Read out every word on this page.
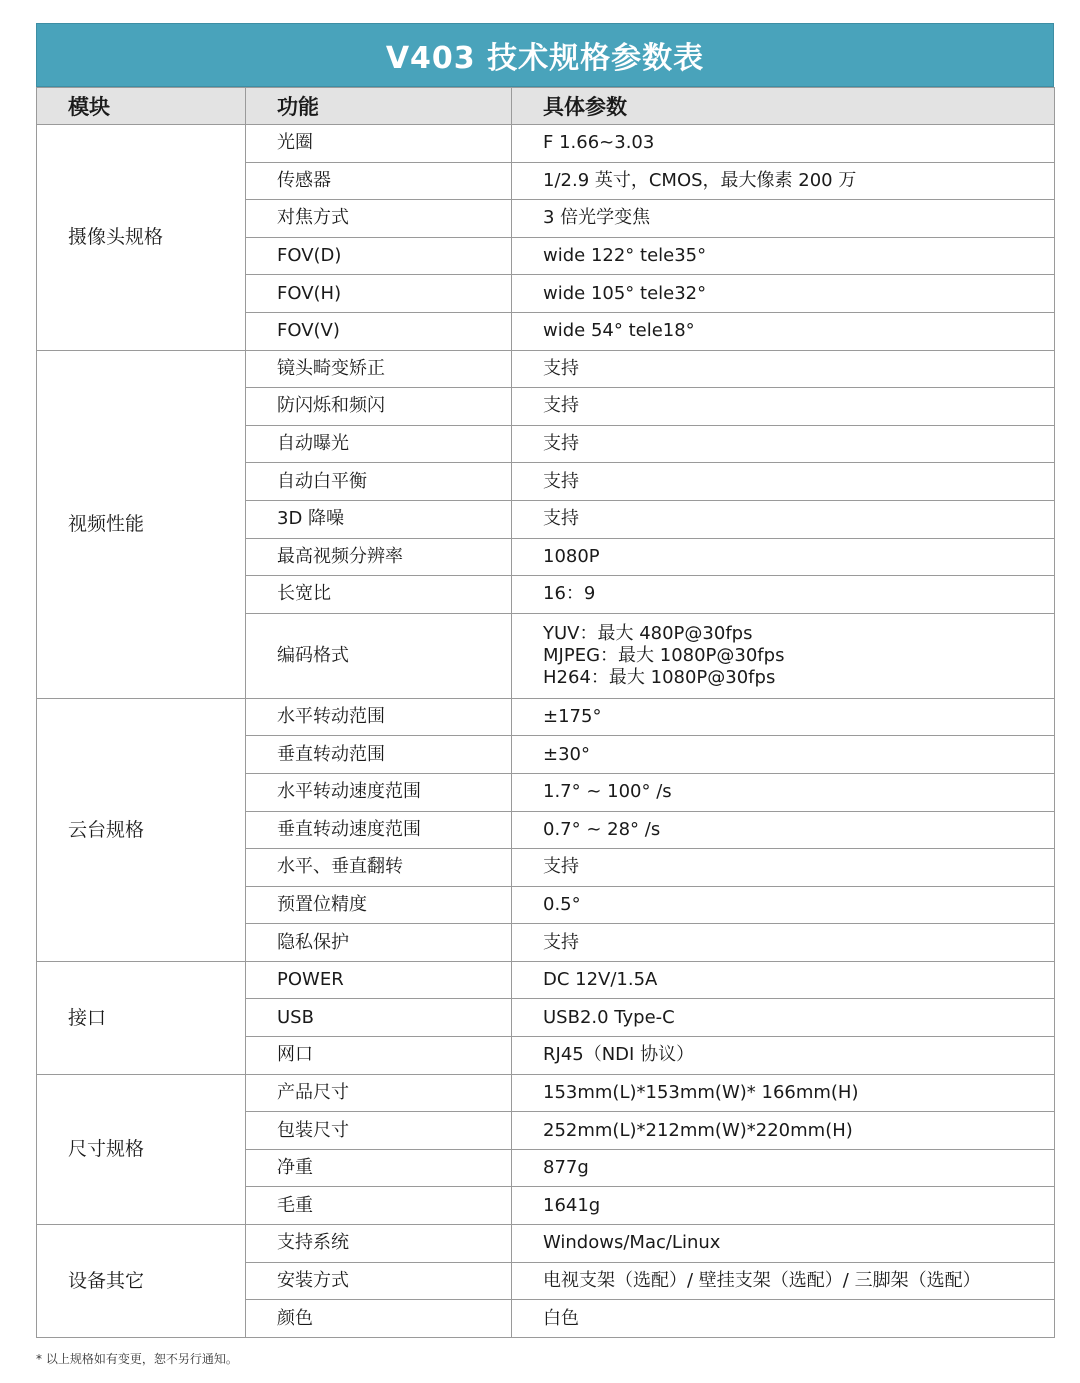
V403 技术规格参数表
模块	功能	具体参数
摄像头规格	光圈	F 1.66~3.03
	传感器	1/2.9 英寸，CMOS，最大像素 200 万
	对焦方式	3 倍光学变焦
	FOV(D)	wide 122° tele35°
	FOV(H)	wide 105° tele32°
	FOV(V)	wide 54° tele18°
视频性能	镜头畸变矫正	支持
	防闪烁和频闪	支持
	自动曝光	支持
	自动白平衡	支持
	3D 降噪	支持
	最高视频分辨率	1080P
	长宽比	16：9
	编码格式	YUV：最大 480P@30fps
MJPEG：最大 1080P@30fps
H264：最大 1080P@30fps

云台规格	水平转动范围	±175°
	垂直转动范围	±30°
	水平转动速度范围	1.7° ~ 100° /s
	垂直转动速度范围	0.7° ~ 28° /s
	水平、垂直翻转	支持
	预置位精度	0.5°
	隐私保护	支持
接口	POWER	DC 12V/1.5A
	USB	USB2.0 Type-C
	网口	RJ45（NDI 协议）
尺寸规格	产品尺寸	153mm(L)*153mm(W)* 166mm(H)
	包装尺寸	252mm(L)*212mm(W)*220mm(H)
	净重	877g
	毛重	1641g
设备其它	支持系统	Windows/Mac/Linux
	安装方式	电视支架（选配）/ 壁挂支架（选配）/ 三脚架（选配）
	颜色	白色
* 以上规格如有变更，恕不另行通知。
